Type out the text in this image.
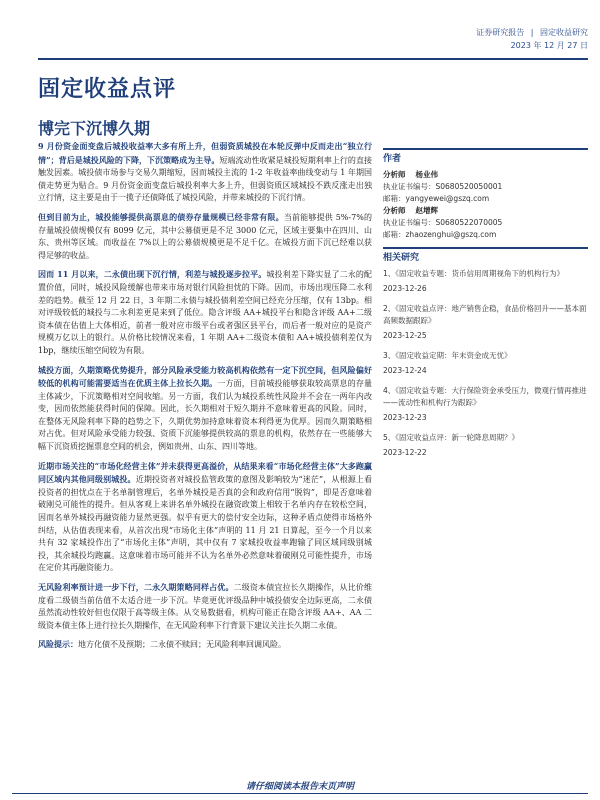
证券研究报告 | 固定收益研究
2023 年 12 月 27 日
固定收益点评
博完下沉博久期

9 月份资金面变盘后城投收益率大多有所上升，但弱资质城投在本轮反弹中反而走出“独立行情”；背后是城投风险的下降，下沉策略成为主导。短端流动性收紧是城投短期利率上行的直接触发因素。城投债市场参与交易久期缩短，因而城投主流的 1-2 年收益率曲线变动与 1 年期国债走势更为贴合。9 月份资金面变盘后城投利率大多上升，但弱资质区域城投不跌反涨走出独立行情，这主要是由于一揽子还债降低了城投风险，并带来城投的下沉行情。

但到目前为止，城投能够提供高票息的债券存量规模已经非常有限。当前能够提供 5%-7%的存量城投债规模仅有 8099 亿元，其中公募债更是不足 3000 亿元，区域主要集中在四川、山东、贵州等区域。而收益在 7%以上的公募债规模更是不足千亿。在城投方面下沉已经难以获得足够的收益。

因而 11 月以来，二永债出现下沉行情，利差与城投逐步拉平。城投利差下降实显了二永的配置价值，同时，城投风险缓解也带来市场对银行风险担忧的下降。因而，市场出现压降二永利差的趋势。截至 12 月 22 日，3 年期二永债与城投债利差空间已经充分压缩，仅有 13bp。相对评级较低的城投与二永利差更是来到了低位。隐含评级 AA+城投平台和隐含评级 AA+二级资本债在估值上大体相近，前者一般对应市级平台或者强区县平台，而后者一般对应的是资产规模万亿以上的银行。从价格比较情况来看，1 年期 AA+二级资本债和 AA+城投债利差仅为 1bp，继续压缩空间较为有限。

城投方面，久期策略优势提升，部分风险承受能力较高机构依然有一定下沉空间，但风险偏好较低的机构可能需要适当在优质主体上拉长久期。一方面，目前城投能够获取较高票息的存量主体减少，下沉策略相对空间收缩。另一方面，我们认为城投系统性风险并不会在一两年内改变，因而依然能获得时间的保障。因此，长久期相对于短久期并不意味着更高的风险。同时，在整体无风险利率下降的趋势之下，久期优势加持意味着资本利得更为优厚。因而久期策略相对占优。但对风险承受能力较强、资质下沉能够提供较高的票息的机构，依然存在一些能够大幅下沉资质挖掘票息空间的机会，例如贵州、山东、四川等地。

近期市场关注的“市场化经营主体”并未获得更高溢价，从结果来看“市场化经营主体”大多跑赢同区域内其他同级别城投。近期投资者对城投监管政策的意图及影响较为“迷茫”，从根源上看投资者的担忧点在于名单制管理后，名单外城投是否真的会和政府信用“脱钩”，即是否意味着破刚兑可能性的提升。但从客观上来讲名单外城投在融资政策上相较于名单内存在较松空间，因而名单外城投再融资能力显然更强。似乎有更大的偿付安全边际，这种矛盾点使得市场格外纠结，从估值表现来看，从首次出现“市场化主体”声明的 11 月 21 日算起，至今一个月以来共有 32 家城投作出了“市场化主体”声明，其中仅有 7 家城投收益率跑输了同区域同级别城投，其余城投均跑赢。这意味着市场可能并不认为名单外必然意味着破刚兑可能性提升，市场在定价其再融资能力。

无风险利率预计进一步下行，二永久期策略同样占优。二级资本债宜拉长久期操作，从比价维度看二级债当前估值不太适合进一步下沉。毕竟更优评级品种中城投债安全边际更高，二永债虽然流动性较好但也仅限于高等级主体。从交易数据看，机构可能正在隐含评级 AA+、AA 二级资本债主体上进行拉长久期操作，在无风险利率下行背景下建议关注长久期二永债。

风险提示：地方化债不及预期；二永债不赎回；无风险利率回调风险。

作者
分析师 杨业伟
执业证书编号：S0680520050001
邮箱：yangyewei@gszq.com
分析师 赵增辉
执业证书编号：S0680522070005
邮箱：zhaozenghui@gszq.com
相关研究
1、《固定收益专题：货币信用周期视角下的机构行为》
2023-12-26
2、《固定收益点评：地产销售企稳，食品价格回升——基本面高频数据跟踪》
2023-12-25
3、《固定收益定期：年末资金成无忧》
2023-12-24
4、《固定收益专题：大行保险资金承受压力，微观行情再推进——流动性和机构行为跟踪》
2023-12-23
5、《固定收益点评：新一轮降息周期？》
2023-12-22
请仔细阅读本报告末页声明
